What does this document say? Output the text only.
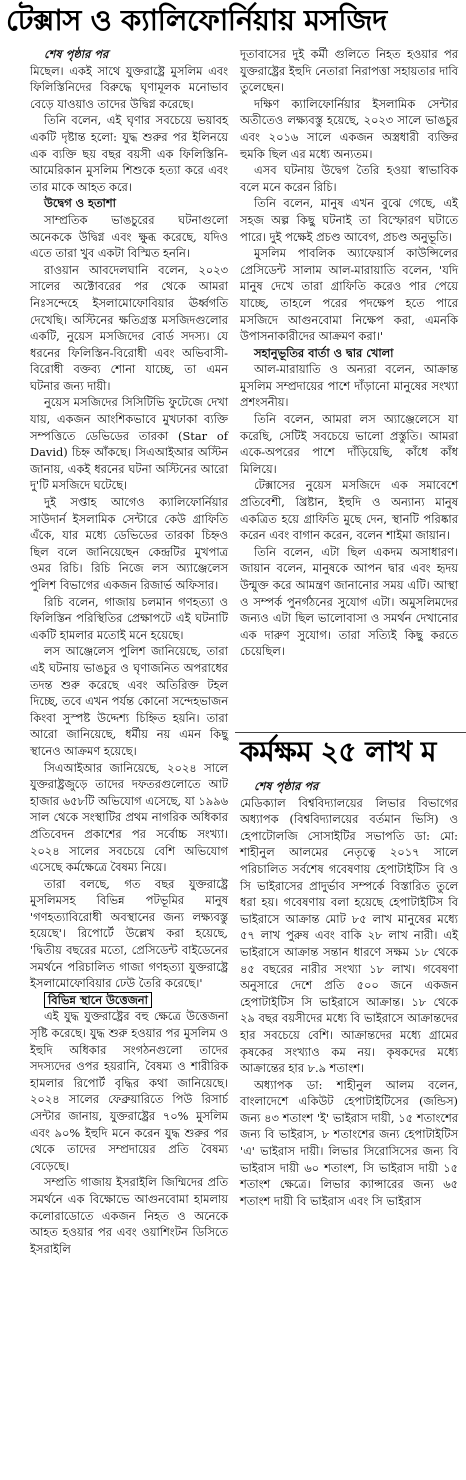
টেক্সাস ও ক্যালিফোর্নিয়ায় মসজিদ

শেষ পৃষ্ঠার পর

মিছেল। একই সাথে যুক্তরাষ্ট্রে মুসলিম এবং ফিলিস্তিনিদের বিরুদ্ধে ঘৃণামূলক মনোভাব বেড়ে যাওয়াও তাদের উদ্বিগ্ন করেছে।

তিনি বলেন, এই ঘৃণার সবচেয়ে ভয়াবহ একটি দৃষ্টান্ত হলো: যুদ্ধ শুরুর পর ইলিনয়ে এক ব্যক্তি ছয় বছর বয়সী এক ফিলিস্তিনি-আমেরিকান মুসলিম শিশুকে হত্যা করে এবং তার মাকে আহত করে।

উদ্বেগ ও হতাশা

সাম্প্রতিক ভাঙচুরের ঘটনাগুলো অনেককে উদ্বিগ্ন এবং ক্ষুব্ধ করেছে, যদিও এতে তারা খুব একটা বিস্মিত হননি।

রাওয়ান আবদেলঘানি বলেন, ২০২৩ সালের অক্টোবরের পর থেকে আমরা নিঃসন্দেহে ইসলামোফোবিয়ার ঊর্ধ্বগতি দেখেছি। অস্টিনের ক্ষতিগ্রস্ত মসজিদগুলোর একটি, নুয়েস মসজিদের বোর্ড সদস্য। যে ধরনের ফিলিস্তিন-বিরোধী এবং অভিবাসী-বিরোধী বক্তব্য শোনা যাচ্ছে, তা এমন ঘটনার জন্য দায়ী।

নুয়েস মসজিদের সিসিটিভি ফুটেজে দেখা যায়, একজন আংশিকভাবে মুখঢাকা ব্যক্তি সম্পত্তিতে ডেভিডের তারকা (Star of David) চিহ্ন আঁকছে। সিএআইআর অস্টিন জানায়, একই ধরনের ঘটনা অস্টিনের আরো দু'টি মসজিদে ঘটেছে।

দুই সপ্তাহ আগেও ক্যালিফোর্নিয়ার সাউদার্ন ইসলামিক সেন্টারে কেউ গ্রাফিতি এঁকে, যার মধ্যে ডেভিডের তারকা চিহ্নও ছিল বলে জানিয়েছেন কেন্দ্রটির মুখপাত্র ওমর রিচি। রিচি নিজে লস অ্যাঞ্জেলেস পুলিশ বিভাগের একজন রিজার্ভ অফিসার।

রিচি বলেন, গাজায় চলমান গণহত্যা ও ফিলিস্তিন পরিস্থিতির প্রেক্ষাপটে এই ঘটনাটি একটি হামলার মতোই মনে হয়েছে।

লস আঞ্জেলেস পুলিশ জানিয়েছে, তারা এই ঘটনায় ভাঙচুর ও ঘৃণাজনিত অপরাধের তদন্ত শুরু করেছে এবং অতিরিক্ত টহল দিচ্ছে, তবে এখন পর্যন্ত কোনো সন্দেহভাজন কিংবা সুস্পষ্ট উদ্দেশ্য চিহ্নিত হয়নি। তারা আরো জানিয়েছে, ধর্মীয় নয় এমন কিছু স্থানেও আক্রমণ হয়েছে।

সিএআইআর জানিয়েছে, ২০২৪ সালে যুক্তরাষ্ট্রজুড়ে তাদের দফতরগুলোতে আট হাজার ৬৫৮টি অভিযোগ এসেছে, যা ১৯৯৬ সাল থেকে সংস্থাটির প্রথম নাগরিক অধিকার প্রতিবেদন প্রকাশের পর সর্বোচ্চ সংখ্যা। ২০২৪ সালের সবচেয়ে বেশি অভিযোগ এসেছে কর্মক্ষেত্রে বৈষম্য নিয়ে।

তারা বলছে, গত বছর যুক্তরাষ্ট্রে মুসলিমসহ বিভিন্ন পটভূমির মানুষ 'গণহত্যাবিরোধী অবস্থানের জন্য লক্ষ্যবস্তু হয়েছে'। রিপোর্টে উল্লেখ করা হয়েছে, 'দ্বিতীয় বছরের মতো, প্রেসিডেন্ট বাইডেনের সমর্থনে পরিচালিত গাজা গণহত্যা যুক্তরাষ্ট্রে ইসলামোফোবিয়ার ঢেউ তৈরি করেছে।'

বিভিন্ন স্থানে উত্তেজনা

এই যুদ্ধ যুক্তরাষ্ট্রের বহু ক্ষেত্রে উত্তেজনা সৃষ্টি করেছে। যুদ্ধ শুরু হওয়ার পর মুসলিম ও ইহুদি অধিকার সংগঠনগুলো তাদের সদস্যদের ওপর হয়রানি, বৈষম্য ও শারীরিক হামলার রিপোর্ট বৃদ্ধির কথা জানিয়েছে। ২০২৪ সালের ফেব্রুয়ারিতে পিউ রিসার্চ সেন্টার জানায়, যুক্তরাষ্ট্রের ৭০% মুসলিম এবং ৯০% ইহুদি মনে করেন যুদ্ধ শুরুর পর থেকে তাদের সম্প্রদায়ের প্রতি বৈষম্য বেড়েছে।

সম্প্রতি গাজায় ইসরাইলি জিম্মিদের প্রতি সমর্থনে এক বিক্ষোভে আগুনবোমা হামলায় কলোরাডোতে একজন নিহত ও অনেকে আহত হওয়ার পর এবং ওয়াশিংটন ডিসিতে ইসরাইলি

দূতাবাসের দুই কর্মী গুলিতে নিহত হওয়ার পর যুক্তরাষ্ট্রের ইহুদি নেতারা নিরাপত্তা সহায়তার দাবি তুলেছেন।

দক্ষিণ ক্যালিফোর্নিয়ার ইসলামিক সেন্টার অতীতেও লক্ষ্যবস্তু হয়েছে, ২০২৩ সালে ভাঙচুর এবং ২০১৬ সালে একজন অস্ত্রধারী ব্যক্তির হুমকি ছিল এর মধ্যে অন্যতম।

এসব ঘটনায় উদ্বেগ তৈরি হওয়া স্বাভাবিক বলে মনে করেন রিচি।

তিনি বলেন, মানুষ এখন বুঝে গেছে, এই সহজ অল্প কিছু ঘটনাই তা বিস্ফোরণ ঘটাতে পারে। দুই পক্ষেই প্রচণ্ড আবেগ, প্রচণ্ড অনুভূতি।

মুসলিম পাবলিক অ্যাফেয়ার্স কাউন্সিলের প্রেসিডেন্ট সালাম আল-মারায়াতি বলেন, 'যদি মানুষ দেখে তারা গ্রাফিতি করেও পার পেয়ে যাচ্ছে, তাহলে পরের পদক্ষেপ হতে পারে মসজিদে আগুনবোমা নিক্ষেপ করা, এমনকি উপাসনাকারীদের আক্রমণ করা।'

সহানুভূতির বার্তা ও দ্বার খোলা

আল-মারায়াতি ও অন্যরা বলেন, আক্রান্ত মুসলিম সম্প্রদায়ের পাশে দাঁড়ানো মানুষের সংখ্যা প্রশংসনীয়।

তিনি বলেন, আমরা লস অ্যাঞ্জেলেসে যা করেছি, সেটিই সবচেয়ে ভালো প্রস্তুতি। আমরা একে-অপরের পাশে দাঁড়িয়েছি, কাঁধে কাঁধ মিলিয়ে।

টেক্সাসের নুয়েস মসজিদে এক সমাবেশে প্রতিবেশী, খ্রিষ্টান, ইহুদি ও অন্যান্য মানুষ একত্রিত হয়ে গ্রাফিতি মুছে দেন, স্থানটি পরিষ্কার করেন এবং বাগান করেন, বলেন শাইমা জায়ান।

তিনি বলেন, এটা ছিল একদম অসাধারণ। জায়ান বলেন, মানুষকে আপন দ্বার এবং হৃদয় উন্মুক্ত করে আমন্ত্রণ জানানোর সময় এটি। আস্থা ও সম্পর্ক পুনর্গঠনের সুযোগ এটা। অমুসলিমদের জন্যও এটা ছিল ভালোবাসা ও সমর্থন দেখানোর এক দারুণ সুযোগ। তারা সত্যিই কিছু করতে চেয়েছিল।

কর্মক্ষম ২৫ লাখ ম

শেষ পৃষ্ঠার পর

মেডিক্যাল বিশ্ববিদ্যালয়ের লিভার বিভাগের অধ্যাপক (বিশ্ববিদ্যালয়ের বর্তমান ভিসি) ও হেপাটোলজি সোসাইটির সভাপতি ডা: মো: শাহীনুল আলমের নেতৃত্বে ২০১৭ সালে পরিচালিত সর্বশেষ গবেষণায় হেপাটাইটিস বি ও সি ভাইরাসের প্রাদুর্ভাব সম্পর্কে বিস্তারিত তুলে ধরা হয়। গবেষণায় বলা হয়েছে হেপাটাইটিস বি ভাইরাসে আক্রান্ত মোট ৮৫ লাখ মানুষের মধ্যে ৫৭ লাখ পুরুষ এবং বাকি ২৮ লাখ নারী। এই ভাইরাসে আক্রান্ত সন্তান ধারণে সক্ষম ১৮ থেকে ৪৫ বছরের নারীর সংখ্যা ১৮ লাখ। গবেষণা অনুসারে দেশে প্রতি ৫০০ জনে একজন হেপাটাইটিস সি ভাইরাসে আক্রান্ত। ১৮ থেকে ২৯ বছর বয়সীদের মধ্যে বি ভাইরাসে আক্রান্তদের হার সবচেয়ে বেশি। আক্রান্তদের মধ্যে গ্রামের কৃষকের সংখ্যাও কম নয়। কৃষকদের মধ্যে আক্রান্তের হার ৮.৯ শতাংশ।

অধ্যাপক ডা: শাহীনুল আলম বলেন, বাংলাদেশে একিউট হেপাটাইটিসের (জন্ডিস) জন্য ৪৩ শতাংশ 'ই' ভাইরাস দায়ী, ১৫ শতাংশের জন্য বি ভাইরাস, ৮ শতাংশের জন্য হেপাটাইটিস 'এ' ভাইরাস দায়ী। লিভার সিরোসিসের জন্য বি ভাইরাস দায়ী ৬০ শতাংশ, সি ভাইরাস দায়ী ১৫ শতাংশ ক্ষেত্রে। লিভার ক্যান্সারের জন্য ৬৫ শতাংশ দায়ী বি ভাইরাস এবং সি ভাইরাস
